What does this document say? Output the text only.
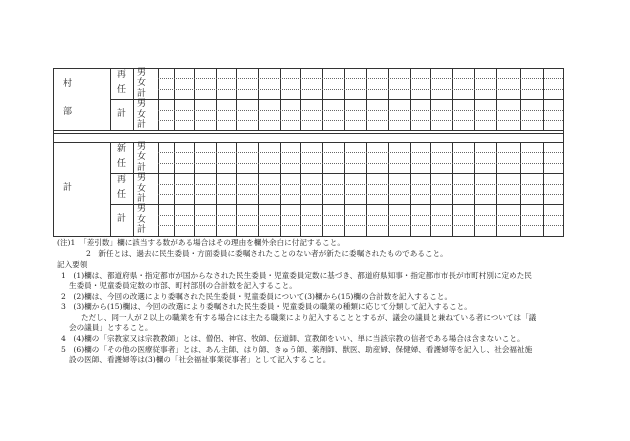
村
部
再
任
男
女
計
計
男
女
計
計
新
任
男
女
計
再
任
男
女
計
計
男
女
計
(注)1　「差引数」欄に該当する数がある場合はその理由を欄外余白に付記すること。
2　新任とは、過去に民生委員・方面委員に委嘱されたことのない者が新たに委嘱されたものであること。
記入要領
1　(1)欄は、都道府県・指定都市が国からなされた民生委員・児童委員定数に基づき、都道府県知事・指定都市市長が市町村別に定めた民
生委員・児童委員定数の市部、町村部別の合計数を記入すること。
2　(2)欄は、今回の改選により委嘱された民生委員・児童委員について(3)欄から(15)欄の合計数を記入すること。
3　(3)欄から(15)欄は、今回の改選により委嘱された民生委員・児童委員の職業の種類に応じて分類して記入すること。
ただし、同一人が２以上の職業を有する場合には主たる職業により記入することとするが、議会の議員と兼ねている者については「議
会の議員」とすること。
4　(4)欄の「宗教家又は宗教教師」とは、僧侶、神官、牧師、伝道師、宣教師をいい、単に当該宗教の信者である場合は含まないこと。
5　(6)欄の「その他の医療従事者」とは、あん主師、はり師、きゅう師、薬剤師、獣医、助産婦、保健婦、看護婦等を記入し、社会福祉施
設の医師、看護婦等は(3)欄の「社会福祉事業従事者」として記入すること。
